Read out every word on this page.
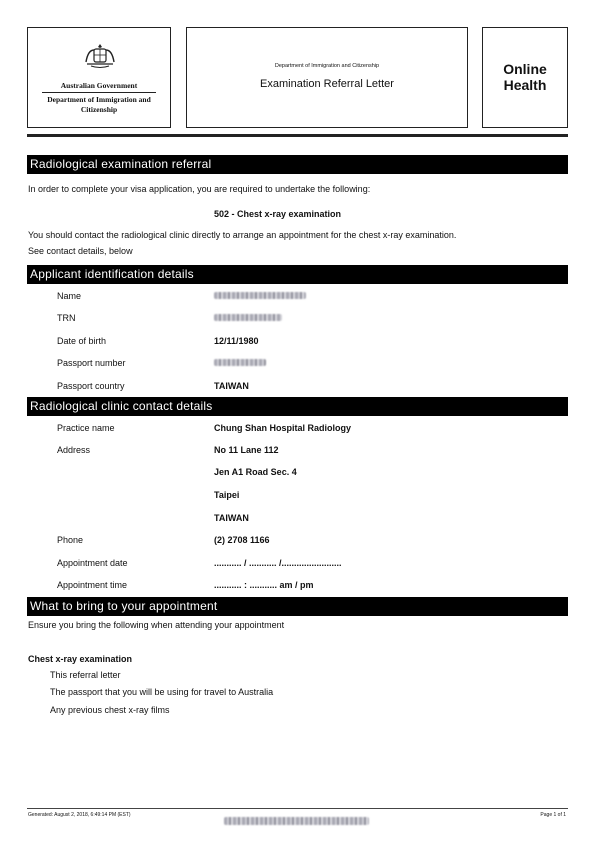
Australian Government
Department of Immigration and Citizenship
Department of Immigration and Citizenship
Examination Referral Letter
Online Health
Radiological examination referral
In order to complete your visa application, you are required to undertake the following:
502 - Chest x-ray examination
You should contact the radiological clinic directly to arrange an appointment for the chest x-ray examination.
See contact details, below
Applicant identification details
Name
TRN
Date of birth	12/11/1980
Passport number
Passport country	TAIWAN
Radiological clinic contact details
Practice name	Chung Shan Hospital Radiology
Address	No 11 Lane 112
Jen A1 Road Sec. 4
Taipei
TAIWAN
Phone	(2) 2708 1166
Appointment date	........... / ........... /........................
Appointment time	........... : ........... am / pm
What to bring to your appointment
Ensure you bring the following when attending your appointment
Chest x-ray examination
This referral letter
The passport that you will be using for travel to Australia
Any previous chest x-ray films
Generated: August 2, 2018, 6:49:14 PM (EST)	Page 1 of 1
